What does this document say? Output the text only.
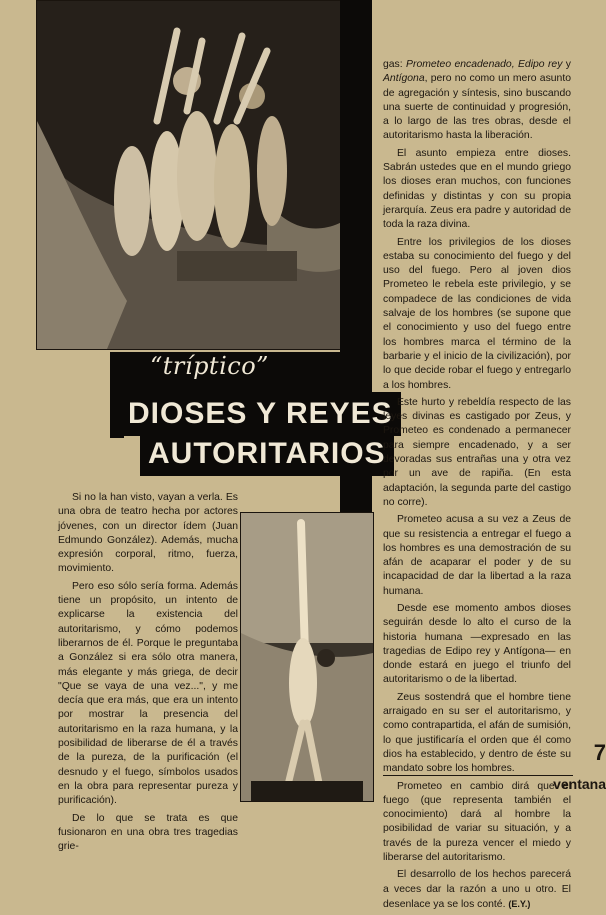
“tríptico”
DIOSES Y REYES
AUTORITARIOS

Si no la han visto, vayan a verla. Es una obra de teatro hecha por actores jóvenes, con un director ídem (Juan Edmundo González). Además, mucha expresión corporal, ritmo, fuerza, movimiento.

Pero eso sólo sería forma. Además tiene un propósito, un intento de explicarse la existencia del autoritarismo, y cómo podemos liberarnos de él. Porque le preguntaba a González si era sólo otra manera, más elegante y más griega, de decir "Que se vaya de una vez...", y me decía que era más, que era un intento por mostrar la presencia del autoritarismo en la raza humana, y la posibilidad de liberarse de él a través de la pureza, de la purificación (el desnudo y el fuego, símbolos usados en la obra para representar pureza y purificación).

De lo que se trata es que fusionaron en una obra tres tragedias grie-

gas: Prometeo encadenado, Edipo rey y Antígona, pero no como un mero asunto de agregación y síntesis, sino buscando una suerte de continuidad y progresión, a lo largo de las tres obras, desde el autoritarismo hasta la liberación.

El asunto empieza entre dioses. Sabrán ustedes que en el mundo griego los dioses eran muchos, con funciones definidas y distintas y con su propia jerarquía. Zeus era padre y autoridad de toda la raza divina.

Entre los privilegios de los dioses estaba su conocimiento del fuego y del uso del fuego. Pero al joven dios Prometeo le rebela este privilegio, y se compadece de las condiciones de vida salvaje de los hombres (se supone que el conocimiento y uso del fuego entre los hombres marca el término de la barbarie y el inicio de la civilización), por lo que decide robar el fuego y entregarlo a los hombres.

Este hurto y rebeldía respecto de las leyes divinas es castigado por Zeus, y Prometeo es condenado a permanecer para siempre encadenado, y a ser devoradas sus entrañas una y otra vez por un ave de rapiña. (En esta adaptación, la segunda parte del castigo no corre).

Prometeo acusa a su vez a Zeus de que su resistencia a entregar el fuego a los hombres es una demostración de su afán de acaparar el poder y de su incapacidad de dar la libertad a la raza humana.

Desde ese momento ambos dioses seguirán desde lo alto el curso de la historia humana —expresado en las tragedias de Edipo rey y Antígona— en donde estará en juego el triunfo del autoritarismo o de la libertad.

Zeus sostendrá que el hombre tiene arraigado en su ser el autoritarismo, y como contrapartida, el afán de sumisión, lo que justificaría el orden que él como dios ha establecido, y dentro de éste su mandato sobre los hombres.

Prometeo en cambio dirá que el fuego (que representa también el conocimiento) dará al hombre la posibilidad de variar su situación, y a través de la pureza vencer el miedo y liberarse del autoritarismo.

El desarrollo de los hechos parecerá a veces dar la razón a uno u otro. El desenlace ya se los conté. (E.Y.)

7
ventana
